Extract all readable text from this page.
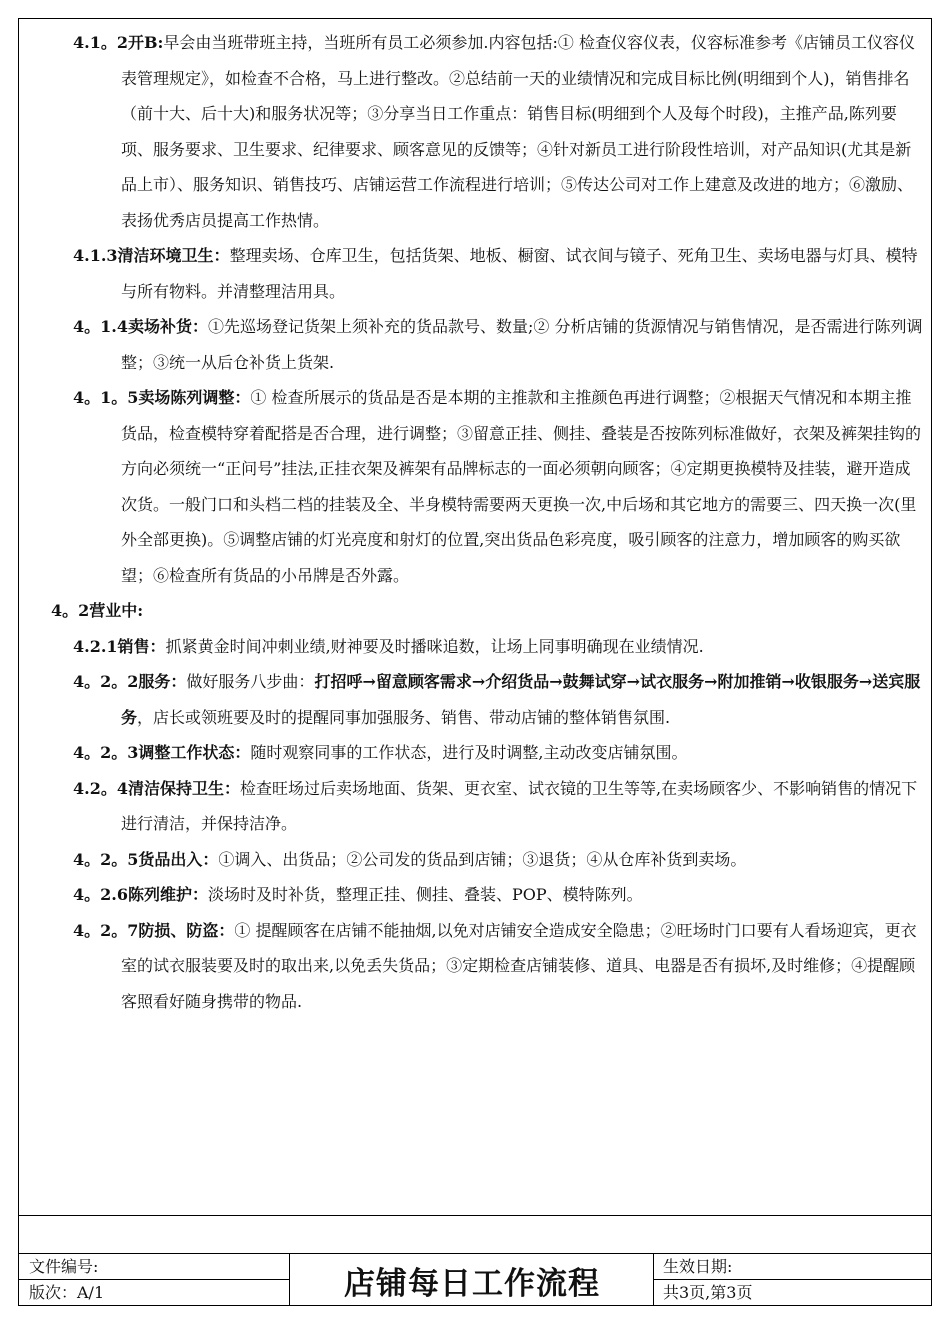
4.1。2开B:早会由当班带班主持，当班所有员工必须参加.内容包括:① 检查仪容仪表，仪容标准参考《店铺员工仪容仪表管理规定》，如检查不合格，马上进行整改。②总结前一天的业绩情况和完成目标比例(明细到个人)，销售排名（前十大、后十大)和服务状况等；③分享当日工作重点：销售目标(明细到个人及每个时段)，主推产品,陈列要项、服务要求、卫生要求、纪律要求、顾客意见的反馈等；④针对新员工进行阶段性培训，对产品知识(尤其是新品上市）、服务知识、销售技巧、店铺运营工作流程进行培训；⑤传达公司对工作上建意及改进的地方；⑥激励、表扬优秀店员提高工作热情。

4.1.3清洁环境卫生：整理卖场、仓库卫生，包括货架、地板、橱窗、试衣间与镜子、死角卫生、卖场电器与灯具、模特与所有物料。并清整理洁用具。

4。1.4卖场补货：①先巡场登记货架上须补充的货品款号、数量;② 分析店铺的货源情况与销售情况，是否需进行陈列调整；③统一从后仓补货上货架.

4。1。5卖场陈列调整：① 检查所展示的货品是否是本期的主推款和主推颜色再进行调整；②根据天气情况和本期主推货品，检查模特穿着配搭是否合理，进行调整；③留意正挂、侧挂、叠装是否按陈列标准做好，衣架及裤架挂钩的方向必须统一“正问号”挂法,正挂衣架及裤架有品牌标志的一面必须朝向顾客；④定期更换模特及挂装，避开造成次货。一般门口和头档二档的挂装及全、半身模特需要两天更换一次,中后场和其它地方的需要三、四天换一次(里外全部更换)。⑤调整店铺的灯光亮度和射灯的位置,突出货品色彩亮度，吸引顾客的注意力，增加顾客的购买欲望；⑥检查所有货品的小吊牌是否外露。

4。2营业中:

4.2.1销售：抓紧黄金时间冲刺业绩,财神要及时播咪追数，让场上同事明确现在业绩情况.

4。2。2服务：做好服务八步曲：打招呼→留意顾客需求→介绍货品→鼓舞试穿→试衣服务→附加推销→收银服务→送宾服务，店长或领班要及时的提醒同事加强服务、销售、带动店铺的整体销售氛围.

4。2。3调整工作状态：随时观察同事的工作状态，进行及时调整,主动改变店铺氛围。

4.2。4清洁保持卫生：检查旺场过后卖场地面、货架、更衣室、试衣镜的卫生等等,在卖场顾客少、不影响销售的情况下进行清洁，并保持洁净。

4。2。5货品出入：①调入、出货品；②公司发的货品到店铺；③退货；④从仓库补货到卖场。

4。2.6陈列维护：淡场时及时补货，整理正挂、侧挂、叠装、POP、模特陈列。

4。2。7防损、防盗：① 提醒顾客在店铺不能抽烟,以免对店铺安全造成安全隐患；②旺场时门口要有人看场迎宾，更衣室的试衣服装要及时的取出来,以免丢失货品；③定期检查店铺装修、道具、电器是否有损坏,及时维修；④提醒顾客照看好随身携带的物品.

文件编号:
版次：A/1	店铺每日工作流程	生效日期:
共3页,第3页
